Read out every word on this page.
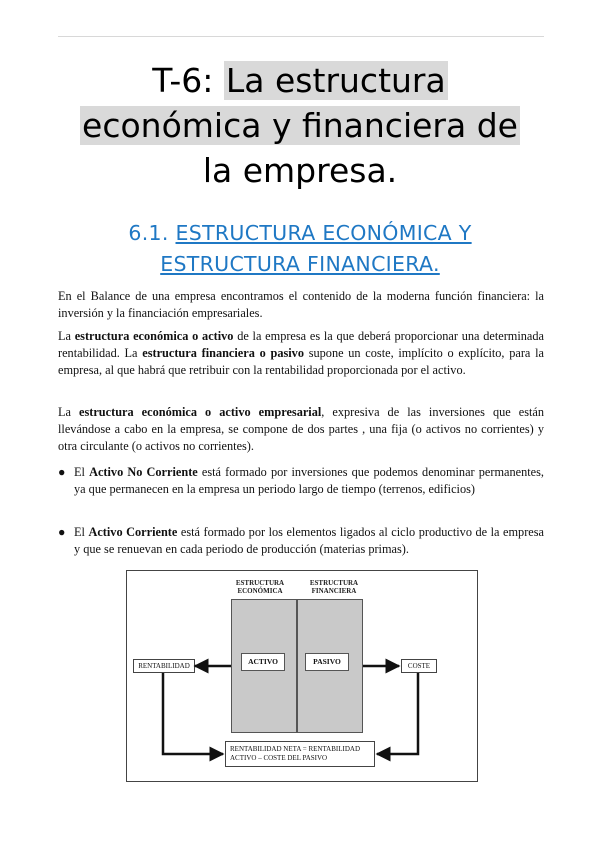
T-6: La estructura
económica y financiera de
la empresa.
6.1. ESTRUCTURA ECONÓMICA Y
ESTRUCTURA FINANCIERA.
En el Balance de una empresa encontramos el contenido de la moderna función financiera: la inversión y la financiación empresariales.
La estructura económica o activo de la empresa es la que deberá proporcionar una determinada rentabilidad. La estructura financiera o pasivo supone un coste, implícito o explícito, para la empresa, al que habrá que retribuir con la rentabilidad proporcionada por el activo.
La estructura económica o activo empresarial, expresiva de las inversiones que están llevándose a cabo en la empresa, se compone de dos partes , una fija (o activos no corrientes) y otra circulante (o activos no corrientes).
● El Activo No Corriente está formado por inversiones que podemos denominar permanentes, ya que permanecen en la empresa un periodo largo de tiempo (terrenos, edificios)
● El Activo Corriente está formado por los elementos ligados al ciclo productivo de la empresa y que se renuevan en cada periodo de producción (materias primas).
ESTRUCTURA ECONÓMICA
ESTRUCTURA FINANCIERA
ACTIVO	PASIVO
RENTABILIDAD	COSTE
RENTABILIDAD NETA = RENTABILIDAD
ACTIVO – COSTE DEL PASIVO
